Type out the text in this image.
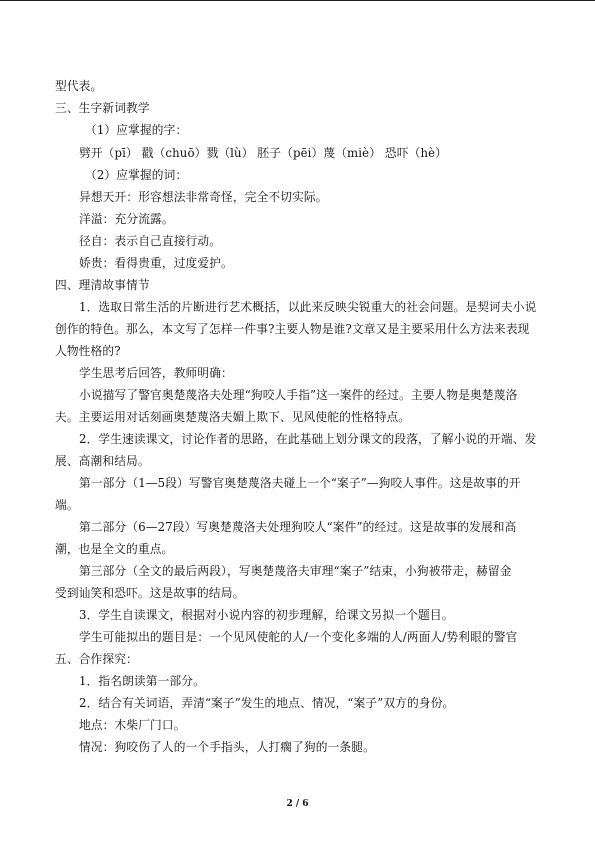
型代表。
三、生字新词教学
（1）应掌握的字：
劈开（pī） 戳（chuō）戮（lù） 胚子（pēi）蔑（miè） 恐吓（hè）
（2）应掌握的词：
异想天开：形容想法非常奇怪，完全不切实际。
洋溢：充分流露。
径自：表示自己直接行动。
娇贵：看得贵重，过度爱护。
四、理清故事情节
1．选取日常生活的片断进行艺术概括，以此来反映尖锐重大的社会问题。是契诃夫小说
创作的特色。那么，本文写了怎样一件事?主要人物是谁?文章又是主要采用什么方法来表现
人物性格的?
学生思考后回答，教师明确：
小说描写了警官奥楚蔑洛夫处理“狗咬人手指”这一案件的经过。主要人物是奥楚蔑洛
夫。主要运用对话刻画奥楚蔑洛夫媚上欺下、见风使舵的性格特点。
2．学生速读课文，讨论作者的思路，在此基础上划分课文的段落，了解小说的开端、发
展、高潮和结局。
第一部分（1—5段）写警官奥楚蔑洛夫碰上一个“案子”—狗咬人事件。这是故事的开
端。
第二部分（6—27段）写奥楚蔑洛夫处理狗咬人“案件”的经过。这是故事的发展和高
潮，也是全文的重点。
第三部分（全文的最后两段），写奥楚蔑洛夫审理“案子”结束，小狗被带走，赫留金
受到讪笑和恐吓。这是故事的结局。
3．学生自读课文，根据对小说内容的初步理解，给课文另拟一个题目。
学生可能拟出的题目是：一个见风使舵的人/一个变化多端的人/两面人/势利眼的警官
五、合作探究：
1．指名朗读第一部分。
2．结合有关词语，弄清“案子”发生的地点、情况，“案子”双方的身份。
地点：木柴厂门口。
情况：狗咬伤了人的一个手指头，人打瘸了狗的一条腿。
2 / 6
